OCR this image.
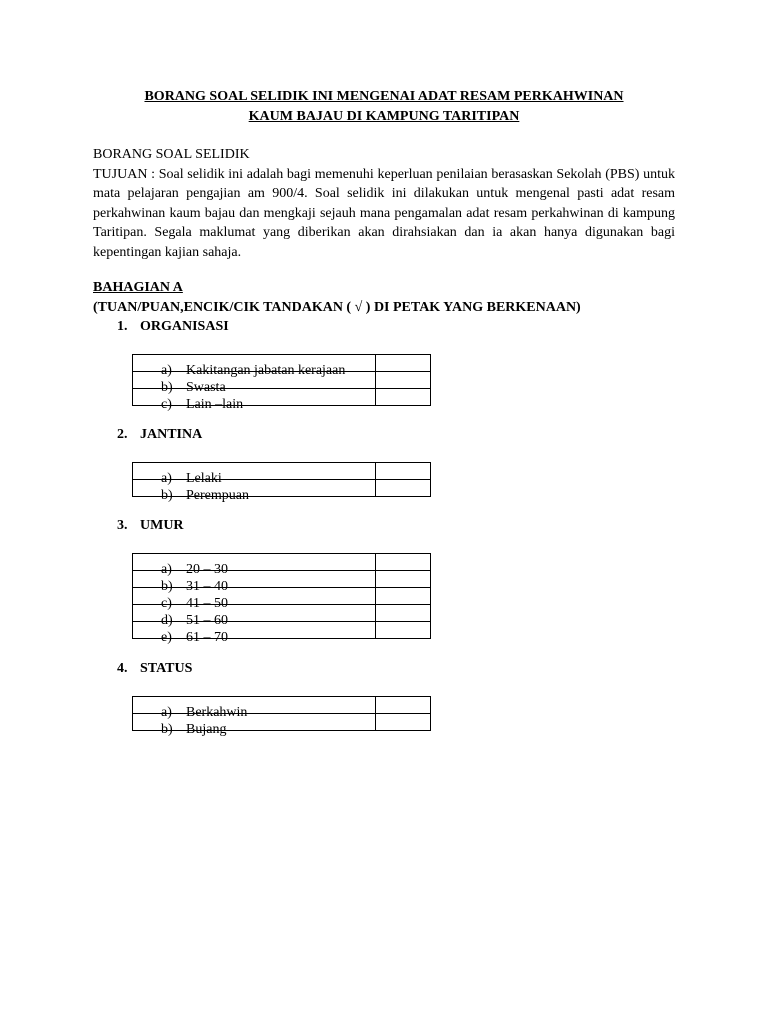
BORANG SOAL SELIDIK INI MENGENAI ADAT RESAM PERKAHWINAN
KAUM BAJAU DI KAMPUNG TARITIPAN
BORANG SOAL SELIDIK
TUJUAN : Soal selidik ini adalah bagi memenuhi keperluan penilaian berasaskan Sekolah (PBS) untuk mata pelajaran pengajian am 900/4. Soal selidik ini dilakukan untuk mengenal pasti adat resam perkahwinan kaum bajau dan mengkaji sejauh mana pengamalan adat resam perkahwinan di kampung Taritipan. Segala maklumat yang diberikan akan dirahsiakan dan ia akan hanya digunakan bagi kepentingan kajian sahaja.
BAHAGIAN A
(TUAN/PUAN,ENCIK/CIK TANDAKAN ( √ ) DI PETAK YANG BERKENAAN)
1. ORGANISASI
a) Kakitangan jabatan kerajaan	

b) Swasta	

c) Lain –lain	

2. JANTINA
a) Lelaki	

b) Perempuan	

3. UMUR
a) 20 – 30	

b) 31 – 40	

c) 41 – 50	

d) 51 – 60	

e) 61 – 70	

4. STATUS
a) Berkahwin	

b) Bujang	
